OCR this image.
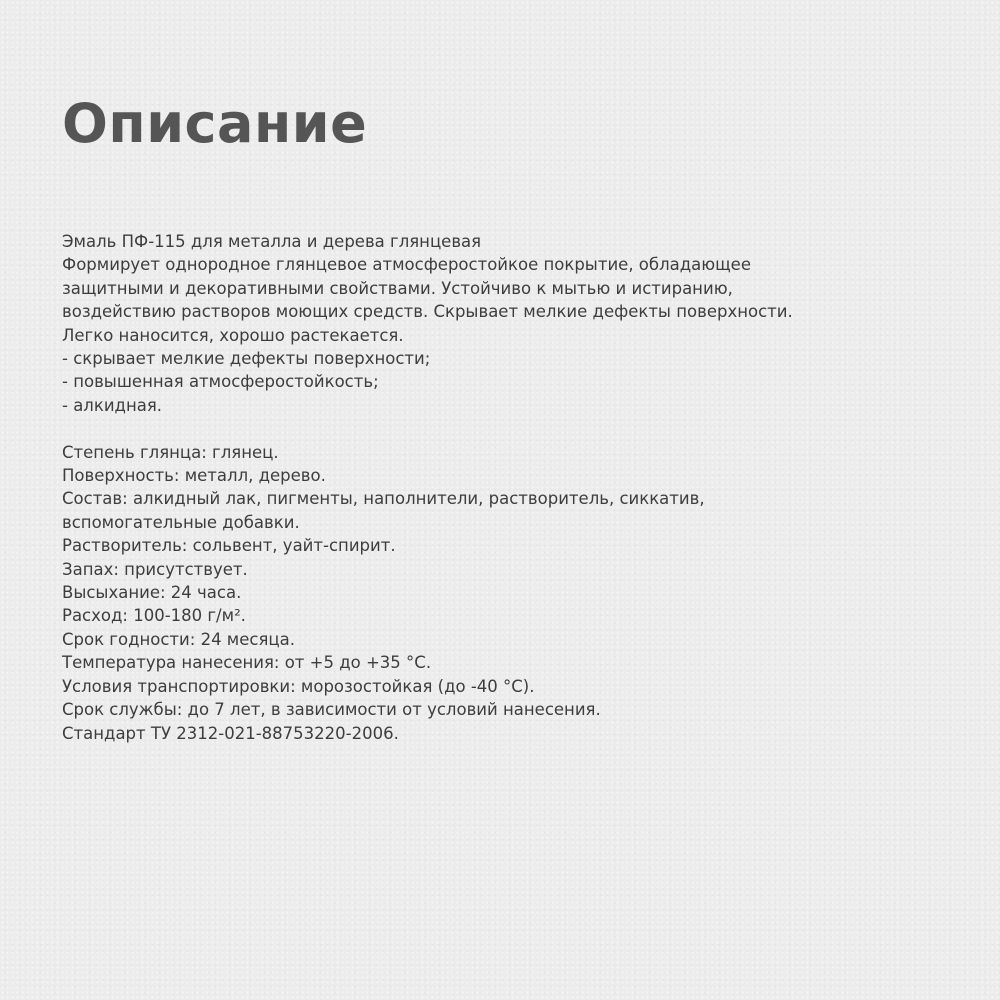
Описание
Эмаль ПФ-115 для металла и дерева глянцевая
Формирует однородное глянцевое атмосферостойкое покрытие, обладающее
защитными и декоративными свойствами. Устойчиво к мытью и истиранию,
воздействию растворов моющих средств. Скрывает мелкие дефекты поверхности.
Легко наносится, хорошо растекается.
- скрывает мелкие дефекты поверхности;
- повышенная атмосферостойкость;
- алкидная.
Степень глянца: глянец.
Поверхность: металл, дерево.
Состав: алкидный лак, пигменты, наполнители, растворитель, сиккатив,
вспомогательные добавки.
Растворитель: сольвент, уайт-спирит.
Запах: присутствует.
Высыхание: 24 часа.
Расход: 100-180 г/м².
Срок годности: 24 месяца.
Температура нанесения: от +5 до +35 °C.
Условия транспортировки: морозостойкая (до -40 °C).
Срок службы: до 7 лет, в зависимости от условий нанесения.
Стандарт ТУ 2312-021-88753220-2006.
